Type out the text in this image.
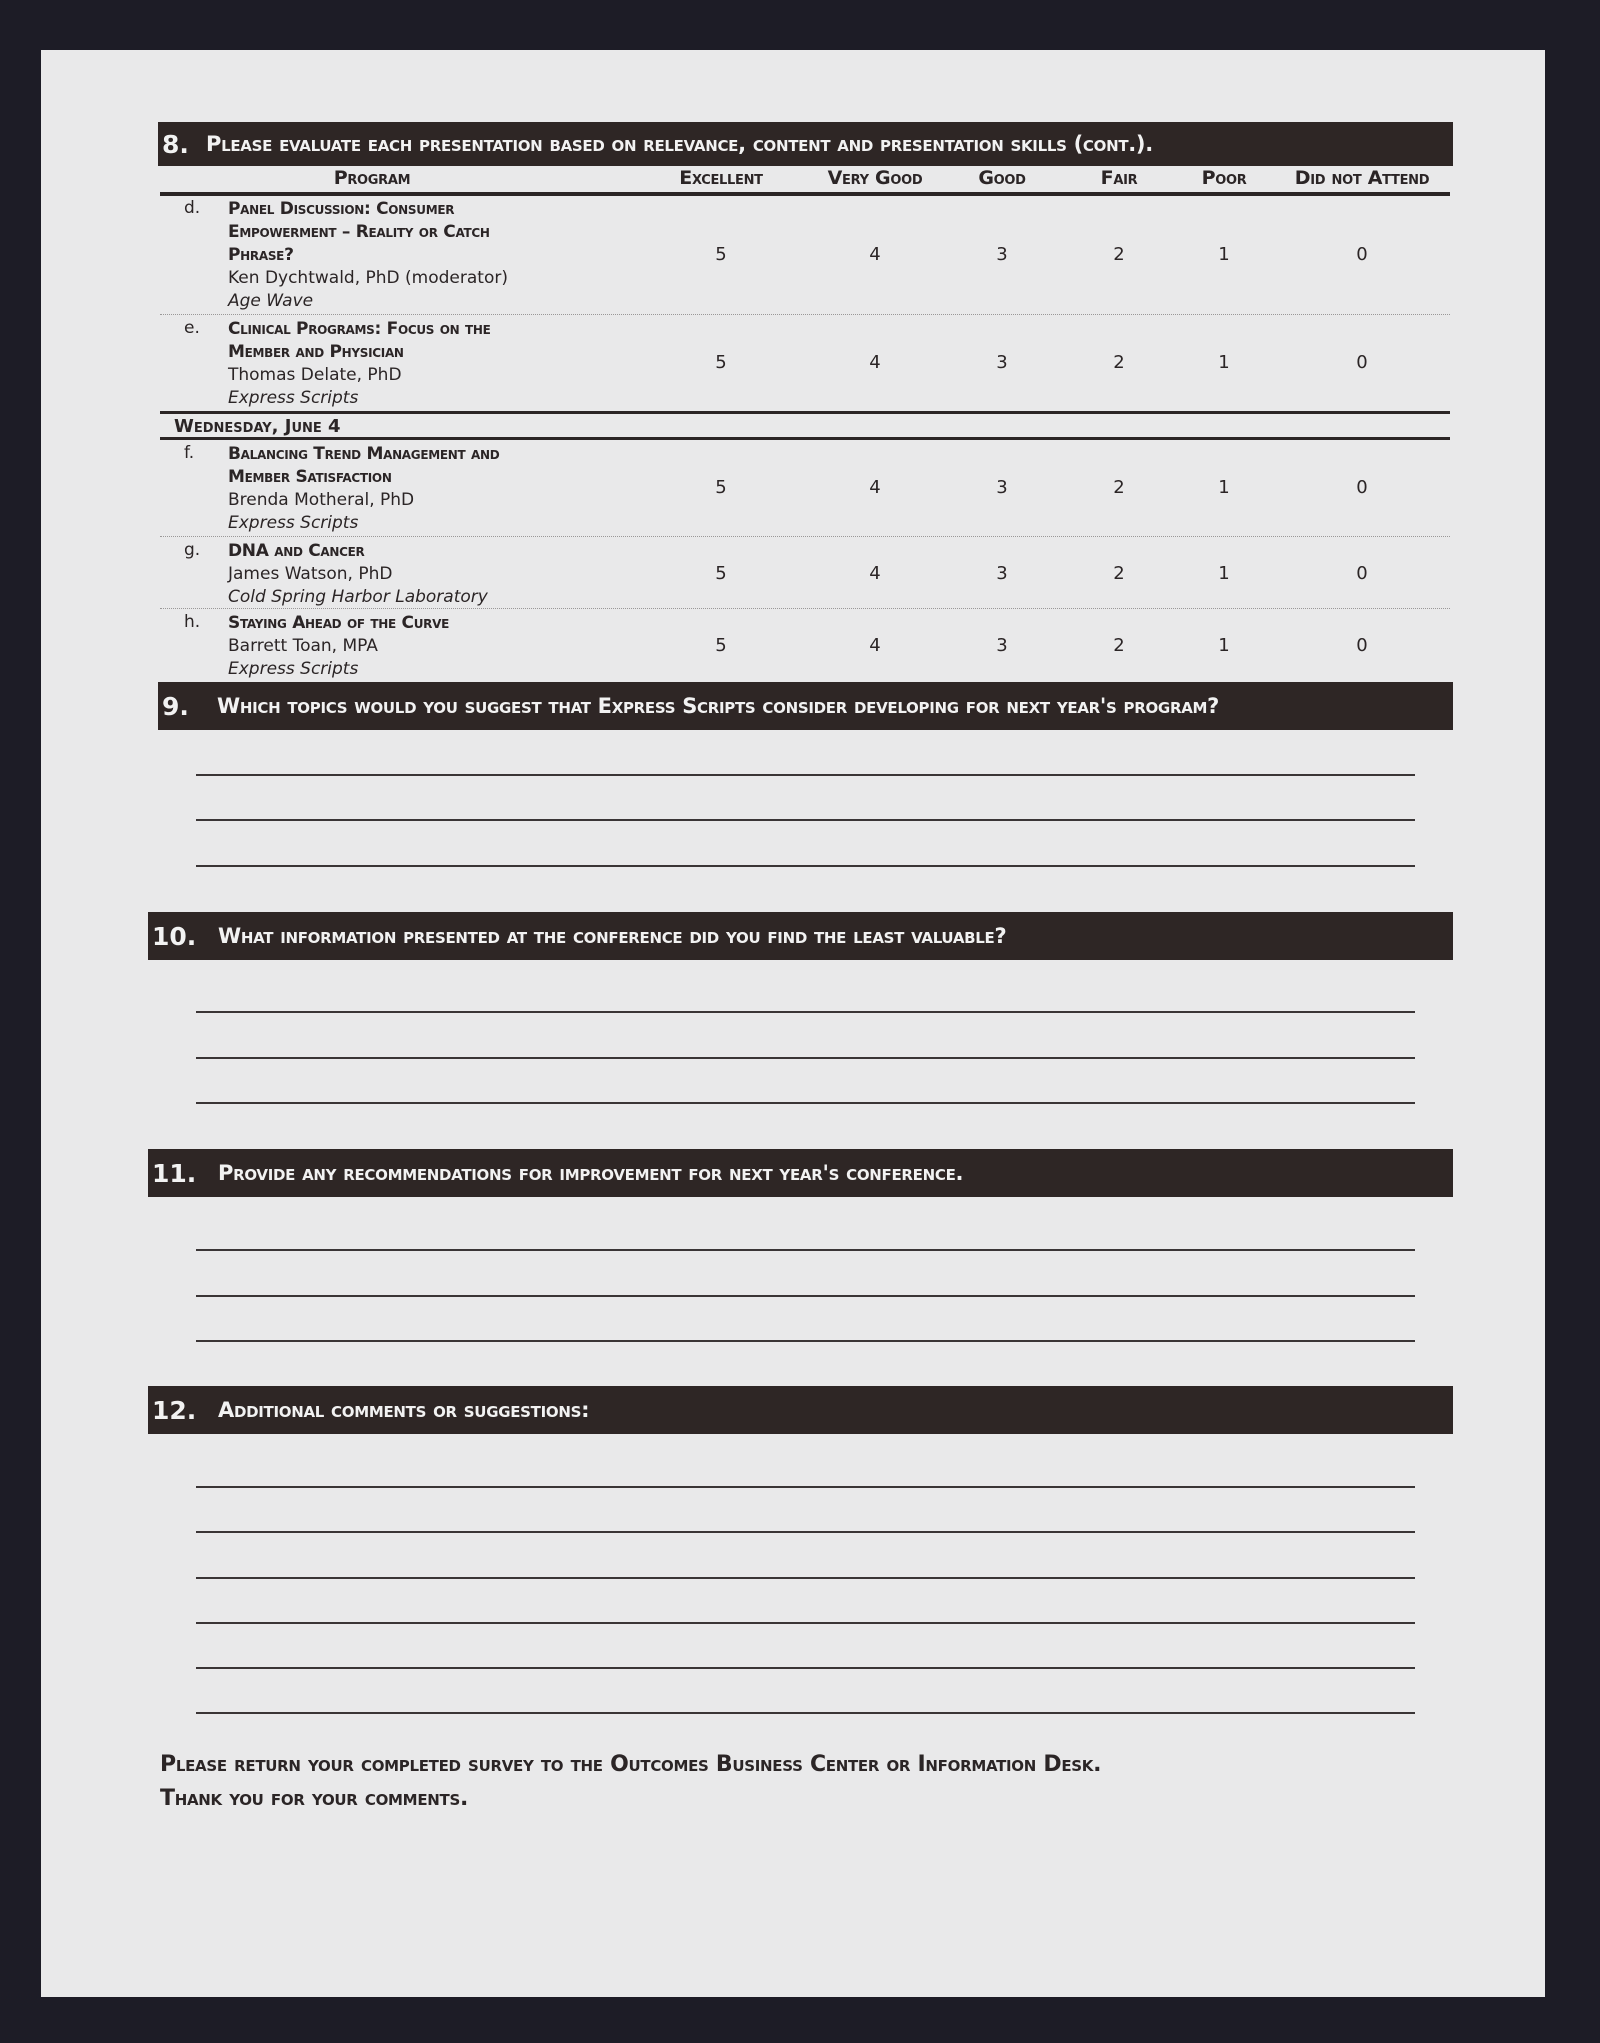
8. Please evaluate each presentation based on relevance, content and presentation skills (cont.).
Program	Excellent	Very Good	Good	Fair	Poor	Did not Attend
d. Panel Discussion: Consumer
Empowerment – Reality or Catch
Phrase?
Ken Dychtwald, PhD (moderator)
Age Wave
5	4	3	2	1	0
e. Clinical Programs: Focus on the
Member and Physician
Thomas Delate, PhD
Express Scripts
5	4	3	2	1	0
Wednesday, June 4
f. Balancing Trend Management and
Member Satisfaction
Brenda Motheral, PhD
Express Scripts
5	4	3	2	1	0
g. DNA and Cancer
James Watson, PhD
Cold Spring Harbor Laboratory
5	4	3	2	1	0
h. Staying Ahead of the Curve
Barrett Toan, MPA
Express Scripts
5	4	3	2	1	0
9.	Which topics would you suggest that Express Scripts consider developing for next year's program?
10.	What information presented at the conference did you find the least valuable?
11.	Provide any recommendations for improvement for next year's conference.
12.	Additional comments or suggestions:
Please return your completed survey to the Outcomes Business Center or Information Desk.
Thank you for your comments.
